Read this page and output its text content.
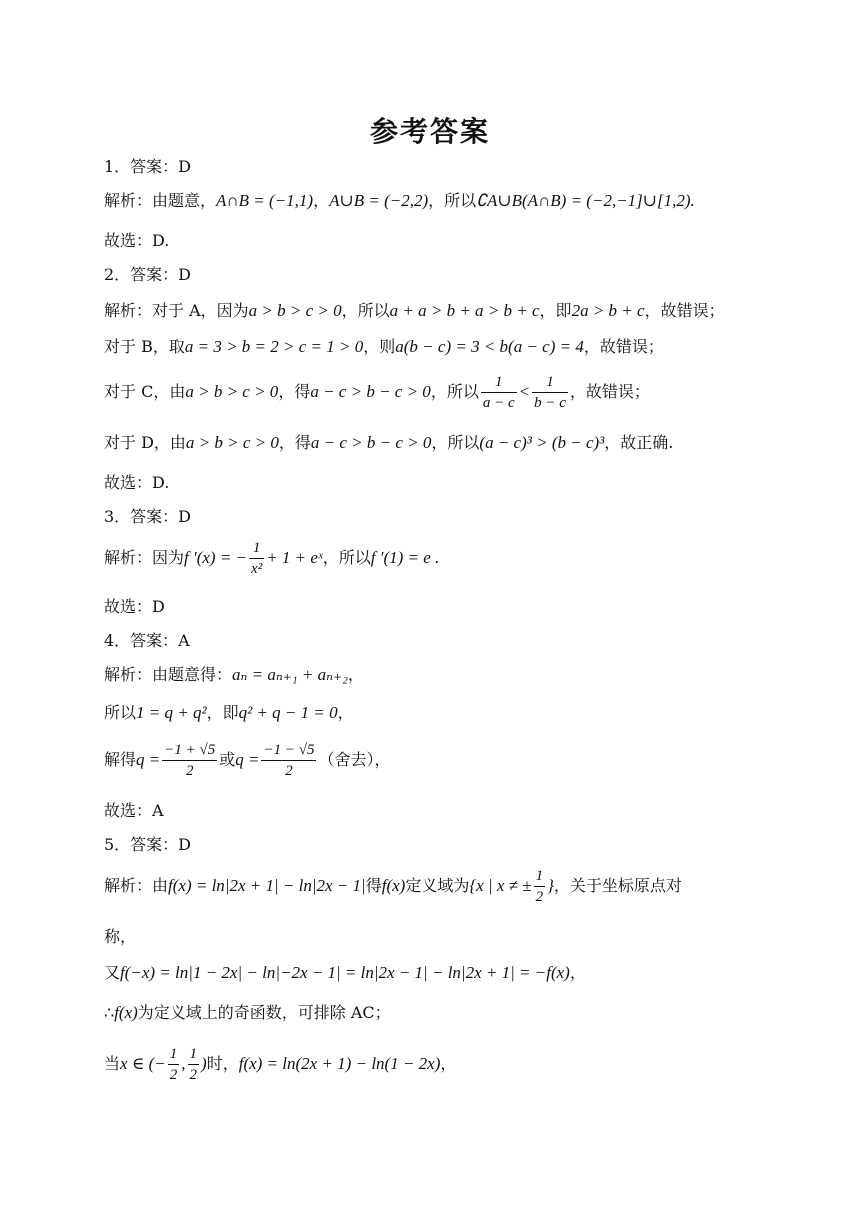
参考答案
1．答案：D
解析：由题意，A∩B = (−1,1)，A∪B = (−2,2)，所以∁A∪B(A∩B) = (−2,−1]∪[1,2).
故选：D.
2．答案：D
解析：对于 A，因为a > b > c > 0，所以a + a > b + a > b + c，即2a > b + c，故错误；
对于 B，取a = 3 > b = 2 > c = 1 > 0，则a(b − c) = 3 < b(a − c) = 4，故错误；
对于 C，由a > b > c > 0，得a − c > b − c > 0，所以 $\frac{1}{a - c} < \frac{1}{b - c}$ ，故错误；
对于 D，由a > b > c > 0，得a − c > b − c > 0，所以(a − c)³ > (b − c)³，故正确.
故选：D.
3．答案：D
解析：因为f ′(x) = − $\frac{1}{\text{x²}} + 1$ + eˣ，所以f ′(1) = e .
故选：D
4．答案：A
解析：由题意得：aₙ = aₙ₊₁ + aₙ₊₂，
所以1 = q + q²，即q² + q − 1 = 0，
解得$q = \frac{-1 + √5}{2}$ 或$q = \frac{-1 - √5}{2}$ （舍去），
故选：A
5．答案：D
解析：由f(x) = ln|2x + 1| − ln|2x − 1|得f(x)定义域为{x | x ≠ ± $\frac{1}{2}$ }，关于坐标原点对
称，
又f(−x) = ln|1 − 2x| − ln|−2x − 1| = ln|2x − 1| − ln|2x + 1| = −f(x)，
∴f(x)为定义域上的奇函数，可排除 AC；
当x ∈ (− $\frac{1}{2}$ , $\frac{1}{2}$ )时，f(x) = ln(2x + 1) − ln(1 − 2x)，
